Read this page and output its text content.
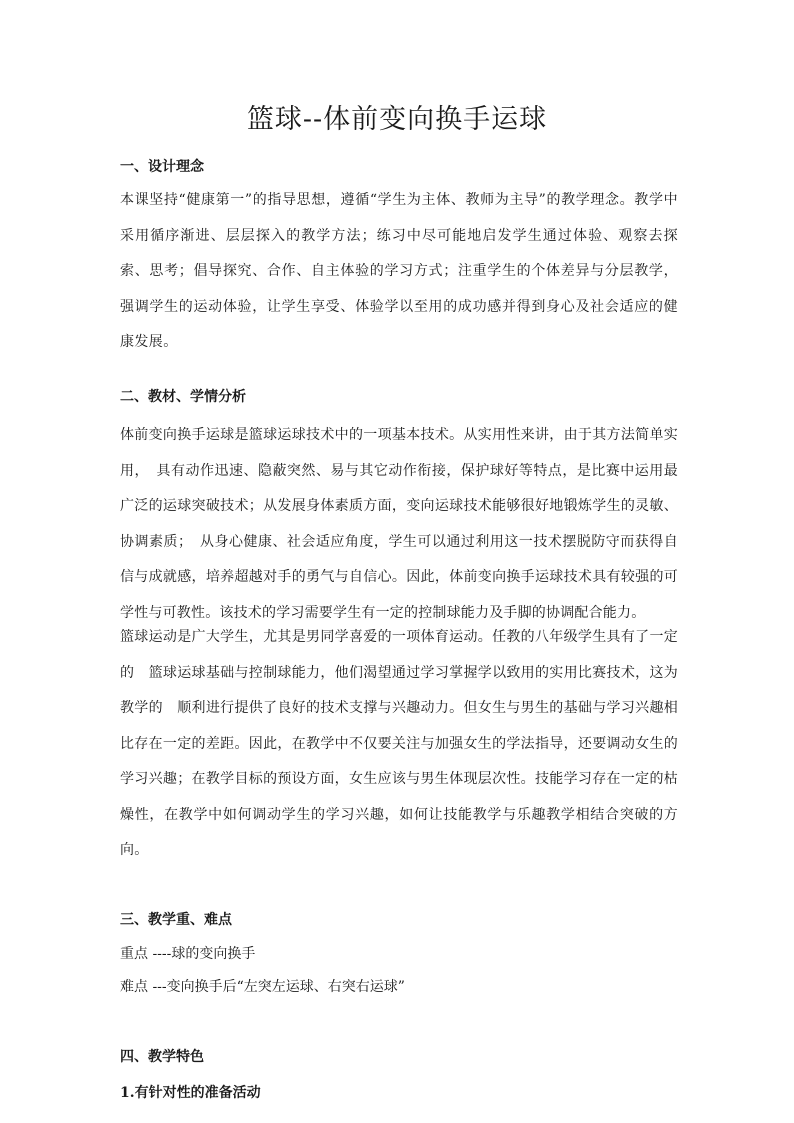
篮球--体前变向换手运球
一、设计理念

本课坚持“健康第一”的指导思想，遵循“学生为主体、教师为主导”的教学理念。教学中采用循序渐进、层层探入的教学方法；练习中尽可能地启发学生通过体验、观察去探索、思考；倡导探究、合作、自主体验的学习方式；注重学生的个体差异与分层教学，强调学生的运动体验，让学生享受、体验学以至用的成功感并得到身心及社会适应的健康发展。

二、教材、学情分析

体前变向换手运球是篮球运球技术中的一项基本技术。从实用性来讲，由于其方法简单实用，　具有动作迅速、隐蔽突然、易与其它动作衔接，保护球好等特点，是比赛中运用最广泛的运球突破技术；从发展身体素质方面，变向运球技术能够很好地锻炼学生的灵敏、协调素质；　从身心健康、社会适应角度，学生可以通过利用这一技术摆脱防守而获得自信与成就感，培养超越对手的勇气与自信心。因此，体前变向换手运球技术具有较强的可学性与可教性。该技术的学习需要学生有一定的控制球能力及手脚的协调配合能力。

篮球运动是广大学生，尤其是男同学喜爱的一项体育运动。任教的八年级学生具有了一定的　篮球运球基础与控制球能力，他们渴望通过学习掌握学以致用的实用比赛技术，这为教学的　顺利进行提供了良好的技术支撑与兴趣动力。但女生与男生的基础与学习兴趣相比存在一定的差距。因此，在教学中不仅要关注与加强女生的学法指导，还要调动女生的学习兴趣；在教学目标的预设方面，女生应该与男生体现层次性。技能学习存在一定的枯燥性，在教学中如何调动学生的学习兴趣，如何让技能教学与乐趣教学相结合突破的方向。

三、教学重、难点

重点 ----球的变向换手

难点 ---变向换手后“左突左运球、右突右运球”

四、教学特色
1.有针对性的准备活动
